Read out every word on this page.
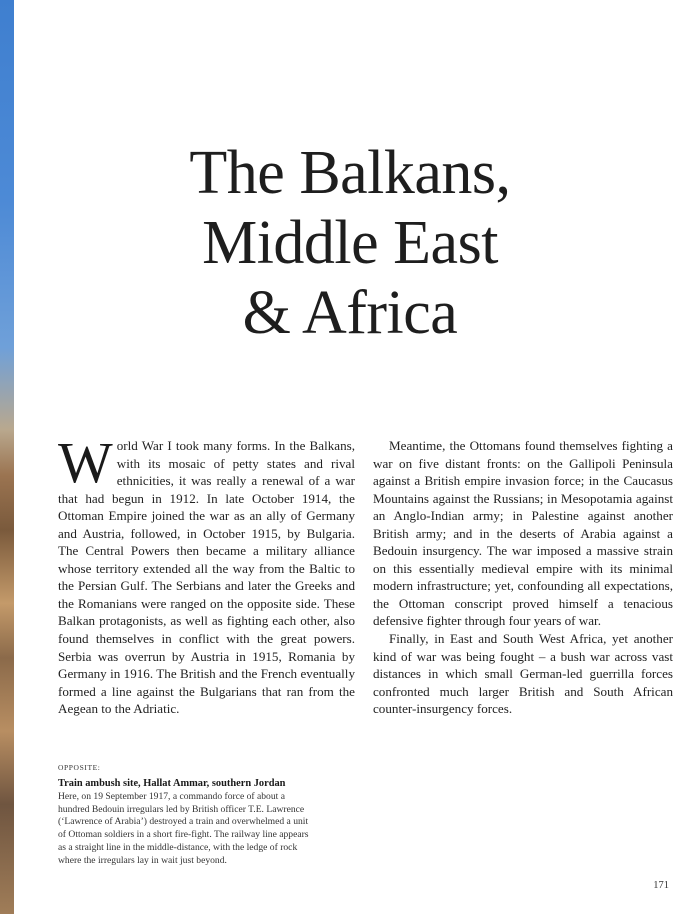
The Balkans,
Middle East
& Africa

World War I took many forms. In the Balkans, with its mosaic of petty states and rival ethnicities, it was really a renewal of a war that had begun in 1912. In late October 1914, the Ottoman Empire joined the war as an ally of Germany and Austria, followed, in October 1915, by Bulgaria. The Central Powers then became a military alliance whose territory extended all the way from the Baltic to the Persian Gulf. The Serbians and later the Greeks and the Romanians were ranged on the opposite side. These Balkan protagonists, as well as fighting each other, also found themselves in conflict with the great powers. Serbia was overrun by Austria in 1915, Romania by Germany in 1916. The British and the French eventually formed a line against the Bulgarians that ran from the Aegean to the Adriatic.

Meantime, the Ottomans found themselves fighting a war on five distant fronts: on the Gallipoli Peninsula against a British empire invasion force; in the Caucasus Mountains against the Russians; in Mesopotamia against an Anglo-Indian army; in Palestine against another British army; and in the deserts of Arabia against a Bedouin insurgency. The war imposed a massive strain on this essentially medieval empire with its minimal modern infrastructure; yet, confounding all expectations, the Ottoman conscript proved himself a tenacious defensive fighter through four years of war.

Finally, in East and South West Africa, yet another kind of war was being fought – a bush war across vast distances in which small German-led guerrilla forces confronted much larger British and South African counter-insurgency forces.

OPPOSITE:
Train ambush site, Hallat Ammar, southern Jordan
Here, on 19 September 1917, a commando force of about a hundred Bedouin irregulars led by British officer T.E. Lawrence (‘Lawrence of Arabia’) destroyed a train and overwhelmed a unit of Ottoman soldiers in a short fire-fight. The railway line appears as a straight line in the middle-distance, with the ledge of rock where the irregulars lay in wait just beyond.
171
